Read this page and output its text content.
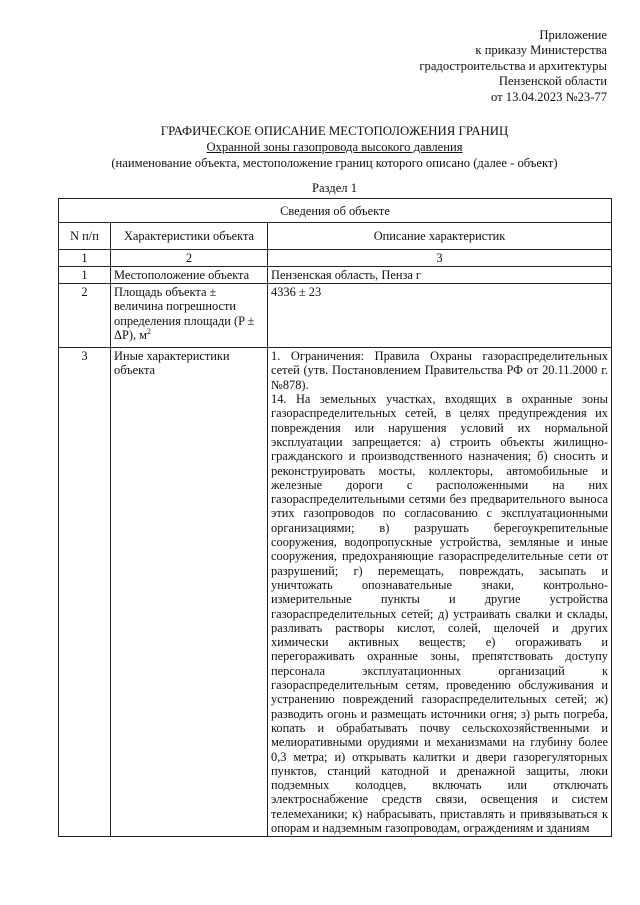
Приложение
к приказу Министерства
градостроительства и архитектуры
Пензенской области
от 13.04.2023 №23-77
ГРАФИЧЕСКОЕ ОПИСАНИЕ МЕСТОПОЛОЖЕНИЯ ГРАНИЦ
Охранной зоны газопровода высокого давления
(наименование объекта, местоположение границ которого описано (далее - объект)
Раздел 1
Сведения об объекте		
N п/п	Характеристики объекта	Описание характеристик
1	2	3
1	Местоположение объекта	Пензенская область, Пенза г

2	Площадь объекта ± величина погрешности определения площади (P ± ΔP), $м^2$	4336 ± 23

3	Иные характеристики объекта	1. Ограничения: Правила Охраны газораспределительных сетей (утв. Постановлением Правительства РФ от 20.11.2000 г. №878).
14. На земельных участках, входящих в охранные зоны газораспределительных сетей, в целях предупреждения их повреждения или нарушения условий их нормальной эксплуатации запрещается: а) строить объекты жилищно-гражданского и производственного назначения; б) сносить и реконструировать мосты, коллекторы, автомобильные и железные дороги с расположенными на них газораспределительными сетями без предварительного выноса этих газопроводов по согласованию с эксплуатационными организациями; в) разрушать берегоукрепительные сооружения, водопропускные устройства, земляные и иные сооружения, предохраняющие газораспределительные сети от разрушений; г) перемещать, повреждать, засыпать и уничтожать опознавательные знаки, контрольно-измерительные пункты и другие устройства газораспределительных сетей; д) устраивать свалки и склады, разливать растворы кислот, солей, щелочей и других химически активных веществ; е) огораживать и перегораживать охранные зоны, препятствовать доступу персонала эксплуатационных организаций к газораспределительным сетям, проведению обслуживания и устранению повреждений газораспределительных сетей; ж) разводить огонь и размещать источники огня; з) рыть погреба, копать и обрабатывать почву сельскохозяйственными и мелиоративными орудиями и механизмами на глубину более 0,3 метра; и) открывать калитки и двери газорегуляторных пунктов, станций катодной и дренажной защиты, люки подземных колодцев, включать или отключать электроснабжение средств связи, освещения и систем телемеханики; к) набрасывать, приставлять и привязываться к опорам и надземным газопроводам, ограждениям и зданиям
